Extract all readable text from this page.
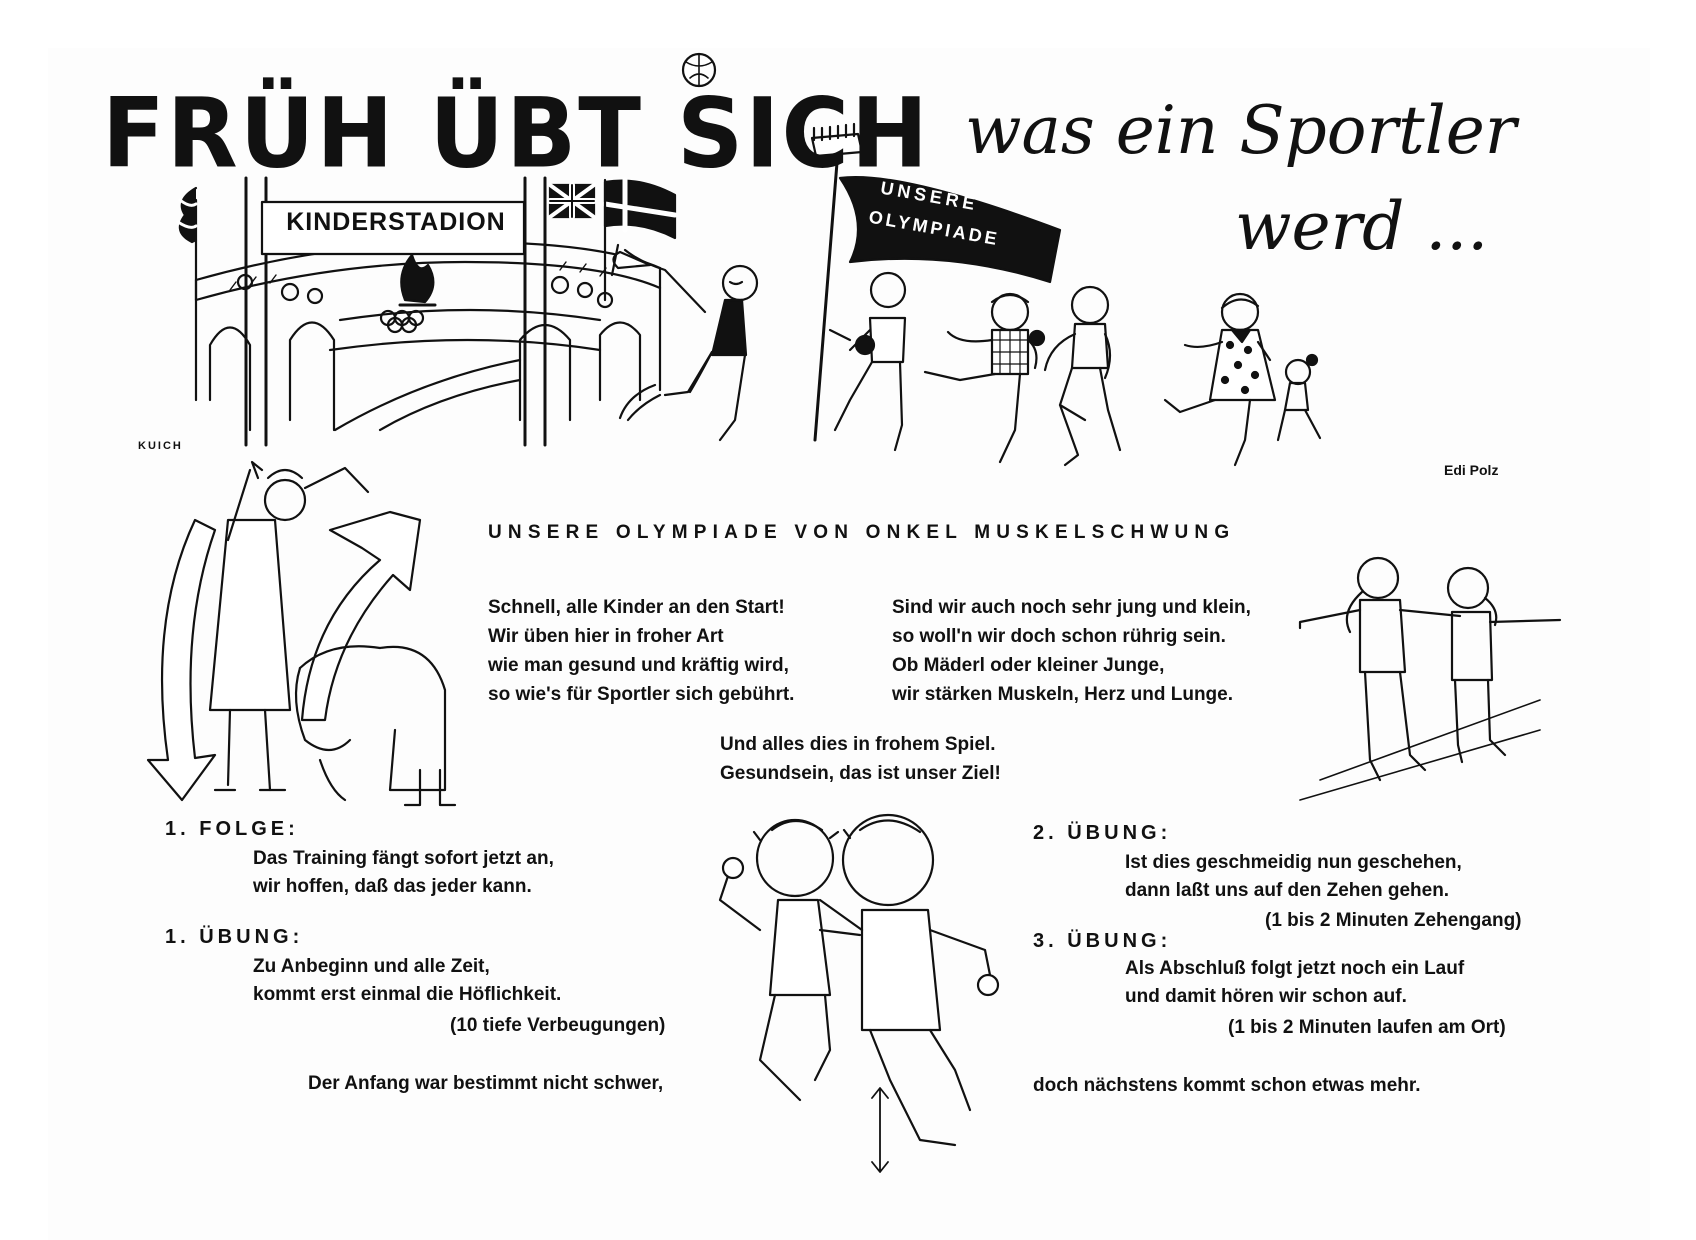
FRÜH ÜBT SICH was ein Sportler
werd ...
KINDERSTADION
UNSERE
OLYMPIADE
KUICH
Edi Polz
UNSERE OLYMPIADE VON ONKEL MUSKELSCHWUNG
Schnell, alle Kinder an den Start!
Wir üben hier in froher Art
wie man gesund und kräftig wird,
so wie's für Sportler sich gebührt.
Sind wir auch noch sehr jung und klein,
so woll'n wir doch schon rührig sein.
Ob Mäderl oder kleiner Junge,
wir stärken Muskeln, Herz und Lunge.
Und alles dies in frohem Spiel.
Gesundsein, das ist unser Ziel!
1. FOLGE:
Das Training fängt sofort jetzt an,
wir hoffen, daß das jeder kann.
1. ÜBUNG:
Zu Anbeginn und alle Zeit,
kommt erst einmal die Höflichkeit.
(10 tiefe Verbeugungen)
Der Anfang war bestimmt nicht schwer,
2. ÜBUNG:
Ist dies geschmeidig nun geschehen,
dann laßt uns auf den Zehen gehen.
(1 bis 2 Minuten Zehengang)
3. ÜBUNG:
Als Abschluß folgt jetzt noch ein Lauf
und damit hören wir schon auf.
(1 bis 2 Minuten laufen am Ort)
doch nächstens kommt schon etwas mehr.
